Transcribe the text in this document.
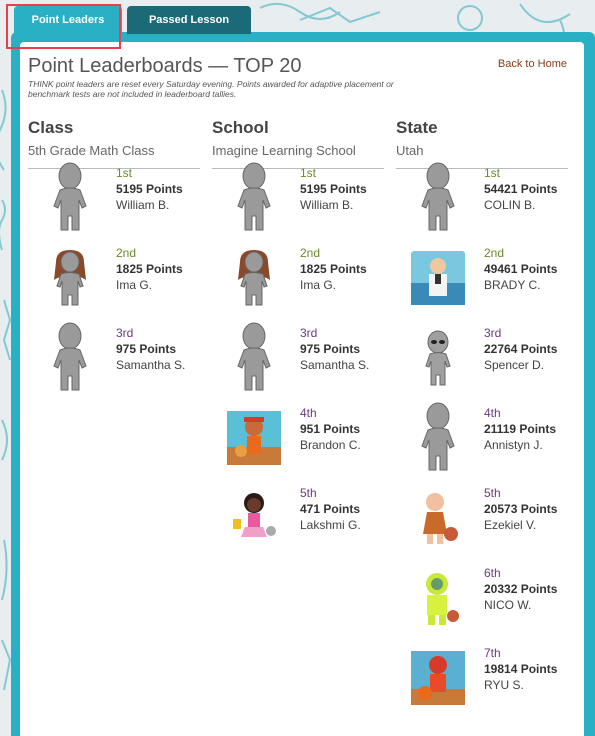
Point Leaders	Passed Lesson Leaders
Point Leaderboards — TOP 20

THINK point leaders are reset every Saturday evening. Points awarded for adaptive placement or benchmark tests are not included in leaderboard tallies.

Back to Home
Class
5th Grade Math Class
1st
5195 Points
William B.
2nd
1825 Points
Ima G.
3rd
975 Points
Samantha S.
School
Imagine Learning School
1st
5195 Points
William B.
2nd
1825 Points
Ima G.
3rd
975 Points
Samantha S.
4th
951 Points
Brandon C.
5th
471 Points
Lakshmi G.
State
Utah
1st
54421 Points
COLIN B.
2nd
49461 Points
BRADY C.
3rd
22764 Points
Spencer D.
4th
21119 Points
Annistyn J.
5th
20573 Points
Ezekiel V.
6th
20332 Points
NICO W.
7th
19814 Points
RYU S.
